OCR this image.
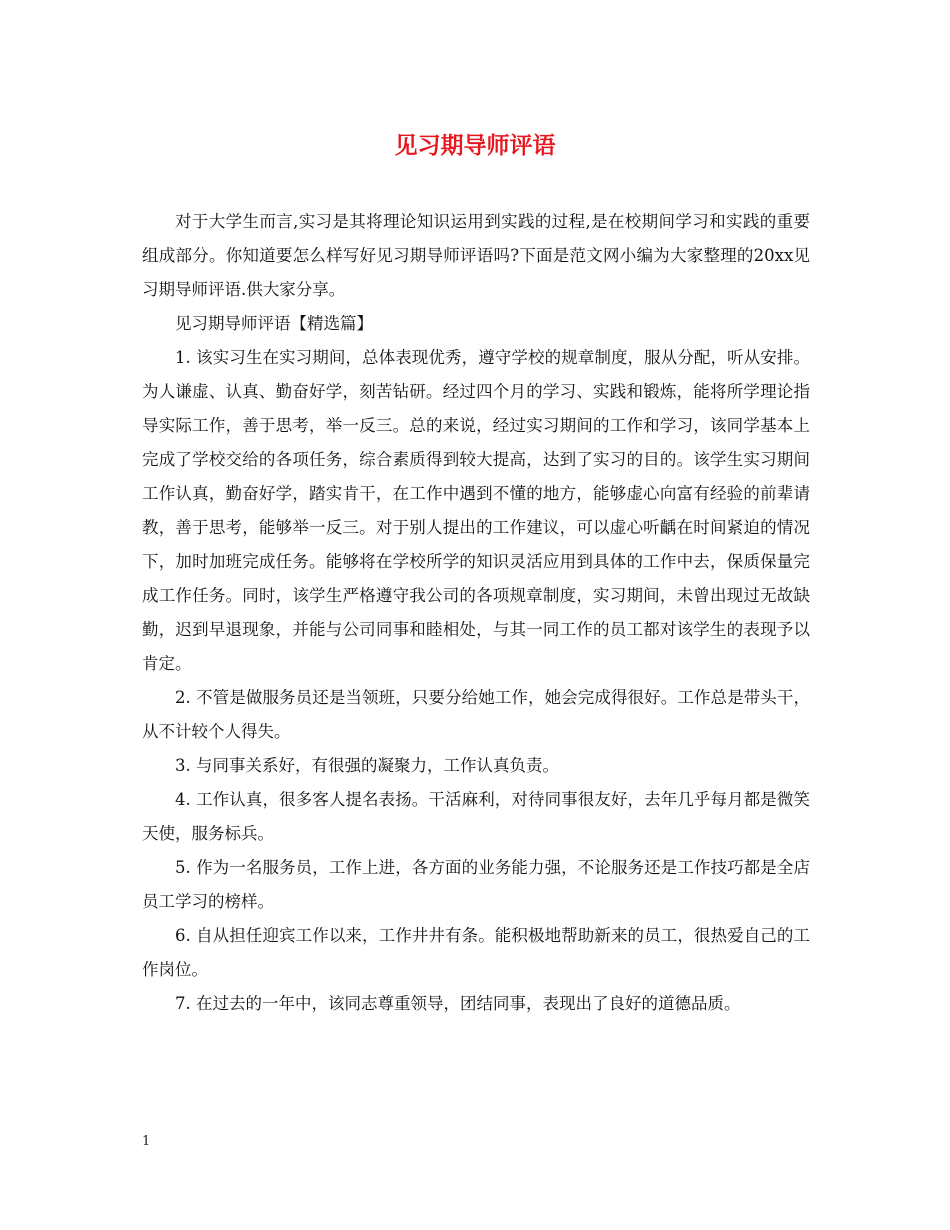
见习期导师评语

对于大学生而言,实习是其将理论知识运用到实践的过程,是在校期间学习和实践的重要组成部分。你知道要怎么样写好见习期导师评语吗?下面是范文网小编为大家整理的20xx见习期导师评语.供大家分享。

见习期导师评语【精选篇】

1. 该实习生在实习期间，总体表现优秀，遵守学校的规章制度，服从分配，听从安排。为人谦虚、认真、勤奋好学，刻苦钻研。经过四个月的学习、实践和锻炼，能将所学理论指导实际工作，善于思考，举一反三。总的来说，经过实习期间的工作和学习，该同学基本上完成了学校交给的各项任务，综合素质得到较大提高，达到了实习的目的。该学生实习期间工作认真，勤奋好学，踏实肯干，在工作中遇到不懂的地方，能够虚心向富有经验的前辈请教，善于思考，能够举一反三。对于别人提出的工作建议，可以虚心听齲在时间紧迫的情况下，加时加班完成任务。能够将在学校所学的知识灵活应用到具体的工作中去，保质保量完成工作任务。同时，该学生严格遵守我公司的各项规章制度，实习期间，未曾出现过无故缺勤，迟到早退现象，并能与公司同事和睦相处，与其一同工作的员工都对该学生的表现予以肯定。

2. 不管是做服务员还是当领班，只要分给她工作，她会完成得很好。工作总是带头干，从不计较个人得失。

3. 与同事关系好，有很强的凝聚力，工作认真负责。

4. 工作认真，很多客人提名表扬。干活麻利，对待同事很友好，去年几乎每月都是微笑天使，服务标兵。

5. 作为一名服务员，工作上进，各方面的业务能力强，不论服务还是工作技巧都是全店员工学习的榜样。

6. 自从担任迎宾工作以来，工作井井有条。能积极地帮助新来的员工，很热爱自己的工作岗位。

7. 在过去的一年中，该同志尊重领导，团结同事，表现出了良好的道德品质。

1
